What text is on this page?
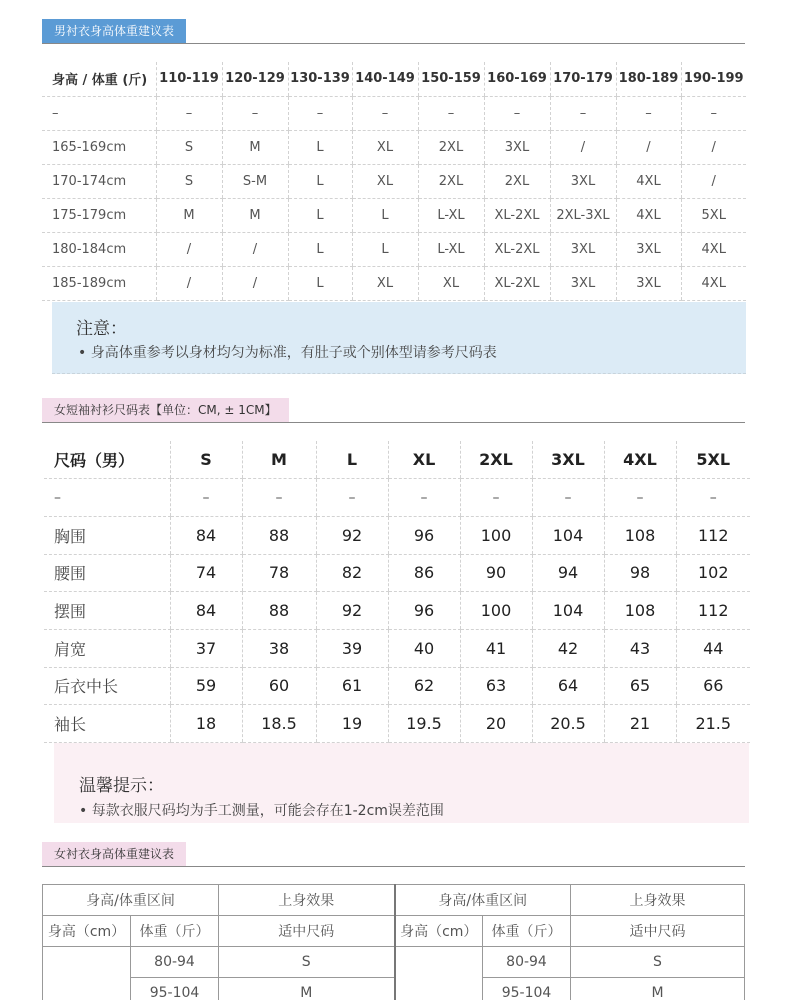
男衬衣身高体重建议表
身高 / 体重 (斤)	110-119	120-129	130-139	140-149	150-159	160-169	170-179	180-189	190-199
–	–	–	–	–	–	–	–	–	–
165-169cm	S	M	L	XL	2XL	3XL	/	/	/
170-174cm	S	S-M	L	XL	2XL	2XL	3XL	4XL	/
175-179cm	M	M	L	L	L-XL	XL-2XL	2XL-3XL	4XL	5XL
180-184cm	/	/	L	L	L-XL	XL-2XL	3XL	3XL	4XL
185-189cm	/	/	L	XL	XL	XL-2XL	3XL	3XL	4XL
注意：
• 身高体重参考以身材均匀为标准，有肚子或个别体型请参考尺码表
女短袖衬衫尺码表【单位：CM, ± 1CM】
尺码（男）	S	M	L	XL	2XL	3XL	4XL	5XL
–	–	–	–	–	–	–	–	–
胸围	84	88	92	96	100	104	108	112
腰围	74	78	82	86	90	94	98	102
摆围	84	88	92	96	100	104	108	112
肩宽	37	38	39	40	41	42	43	44
后衣中长	59	60	61	62	63	64	65	66
袖长	18	18.5	19	19.5	20	20.5	21	21.5
温馨提示：
• 每款衣服尺码均为手工测量，可能会存在1-2cm误差范围
女衬衣身高体重建议表
身高/体重区间		上身效果	身高/体重区间		上身效果
身高（cm）	体重（斤）	适中尺码	身高（cm）	体重（斤）	适中尺码
	80-94	S		80-94	S
	95-104	M		95-104	M
